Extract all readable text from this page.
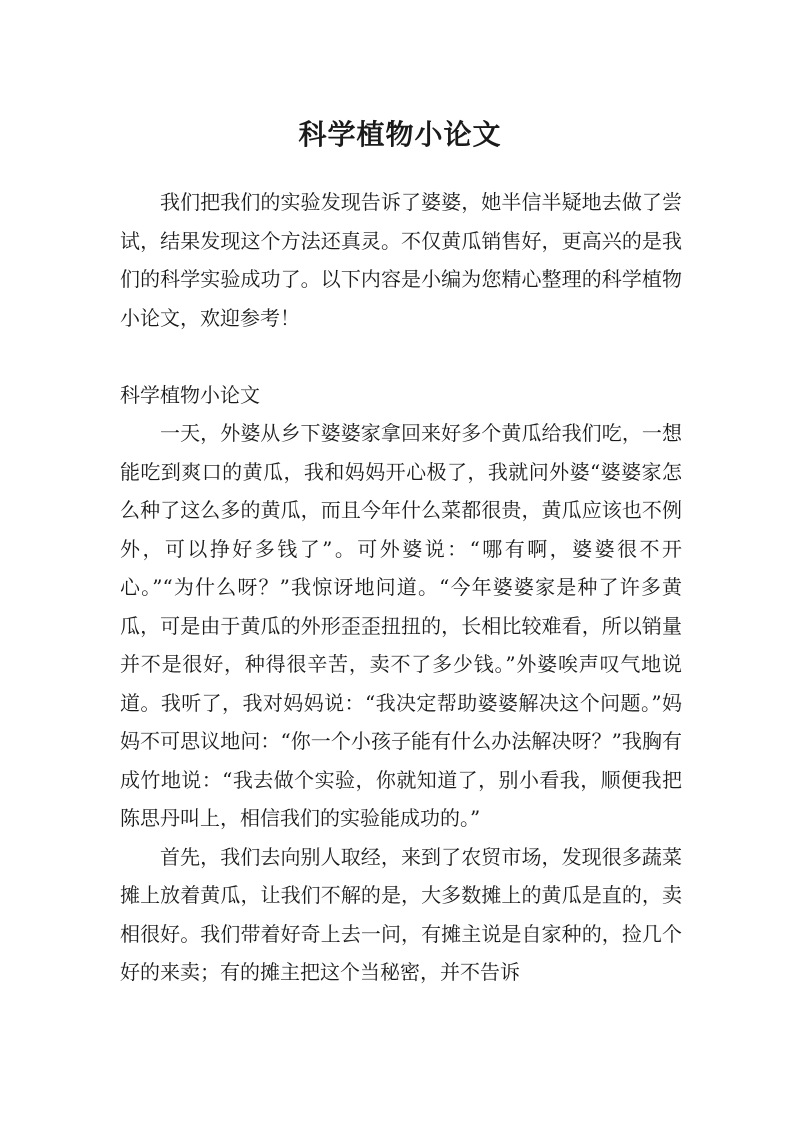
科学植物小论文

我们把我们的实验发现告诉了婆婆，她半信半疑地去做了尝试，结果发现这个方法还真灵。不仅黄瓜销售好，更高兴的是我们的科学实验成功了。以下内容是小编为您精心整理的科学植物小论文，欢迎参考！

科学植物小论文

一天，外婆从乡下婆婆家拿回来好多个黄瓜给我们吃，一想能吃到爽口的黄瓜，我和妈妈开心极了，我就问外婆“婆婆家怎么种了这么多的黄瓜，而且今年什么菜都很贵，黄瓜应该也不例外，可以挣好多钱了”。可外婆说：“哪有啊，婆婆很不开心。”“为什么呀？”我惊讶地问道。“今年婆婆家是种了许多黄瓜，可是由于黄瓜的外形歪歪扭扭的，长相比较难看，所以销量并不是很好，种得很辛苦，卖不了多少钱。”外婆唉声叹气地说道。我听了，我对妈妈说：“我决定帮助婆婆解决这个问题。”妈妈不可思议地问：“你一个小孩子能有什么办法解决呀？”我胸有成竹地说：“我去做个实验，你就知道了，别小看我，顺便我把陈思丹叫上，相信我们的实验能成功的。”

首先，我们去向别人取经，来到了农贸市场，发现很多蔬菜摊上放着黄瓜，让我们不解的是，大多数摊上的黄瓜是直的，卖相很好。我们带着好奇上去一问，有摊主说是自家种的，捡几个好的来卖；有的摊主把这个当秘密，并不告诉
